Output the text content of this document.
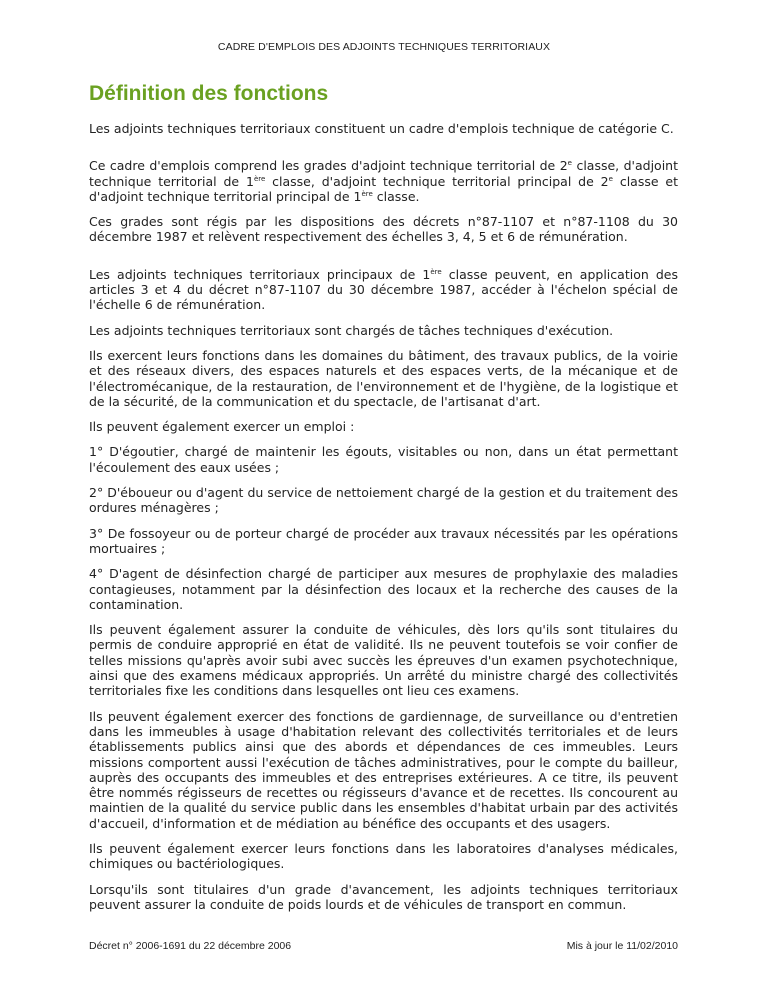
CADRE D'EMPLOIS DES ADJOINTS TECHNIQUES TERRITORIAUX
Définition des fonctions

Les adjoints techniques territoriaux constituent un cadre d'emplois technique de catégorie C.

Ce cadre d'emplois comprend les grades d'adjoint technique territorial de 2e classe, d'adjoint technique territorial de 1ère classe, d'adjoint technique territorial principal de 2e classe et d'adjoint technique territorial principal de 1ère classe.

Ces grades sont régis par les dispositions des décrets n°87-1107 et n°87-1108 du 30 décembre 1987 et relèvent respectivement des échelles 3, 4, 5 et 6 de rémunération.

Les adjoints techniques territoriaux principaux de 1ère classe peuvent, en application des articles 3 et 4 du décret n°87-1107 du 30 décembre 1987, accéder à l'échelon spécial de l'échelle 6 de rémunération.

Les adjoints techniques territoriaux sont chargés de tâches techniques d'exécution.

Ils exercent leurs fonctions dans les domaines du bâtiment, des travaux publics, de la voirie et des réseaux divers, des espaces naturels et des espaces verts, de la mécanique et de l'électromécanique, de la restauration, de l'environnement et de l'hygiène, de la logistique et de la sécurité, de la communication et du spectacle, de l'artisanat d'art.

Ils peuvent également exercer un emploi :

1° D'égoutier, chargé de maintenir les égouts, visitables ou non, dans un état permettant l'écoulement des eaux usées ;

2° D'éboueur ou d'agent du service de nettoiement chargé de la gestion et du traitement des ordures ménagères ;

3° De fossoyeur ou de porteur chargé de procéder aux travaux nécessités par les opérations mortuaires ;

4° D'agent de désinfection chargé de participer aux mesures de prophylaxie des maladies contagieuses, notamment par la désinfection des locaux et la recherche des causes de la contamination.

Ils peuvent également assurer la conduite de véhicules, dès lors qu'ils sont titulaires du permis de conduire approprié en état de validité. Ils ne peuvent toutefois se voir confier de telles missions qu'après avoir subi avec succès les épreuves d'un examen psychotechnique, ainsi que des examens médicaux appropriés. Un arrêté du ministre chargé des collectivités territoriales fixe les conditions dans lesquelles ont lieu ces examens.

Ils peuvent également exercer des fonctions de gardiennage, de surveillance ou d'entretien dans les immeubles à usage d'habitation relevant des collectivités territoriales et de leurs établissements publics ainsi que des abords et dépendances de ces immeubles. Leurs missions comportent aussi l'exécution de tâches administratives, pour le compte du bailleur, auprès des occupants des immeubles et des entreprises extérieures. A ce titre, ils peuvent être nommés régisseurs de recettes ou régisseurs d'avance et de recettes. Ils concourent au maintien de la qualité du service public dans les ensembles d'habitat urbain par des activités d'accueil, d'information et de médiation au bénéfice des occupants et des usagers.

Ils peuvent également exercer leurs fonctions dans les laboratoires d'analyses médicales, chimiques ou bactériologiques.

Lorsqu'ils sont titulaires d'un grade d'avancement, les adjoints techniques territoriaux peuvent assurer la conduite de poids lourds et de véhicules de transport en commun.

Décret n° 2006-1691 du 22 décembre 2006	Mis à jour le 11/02/2010
